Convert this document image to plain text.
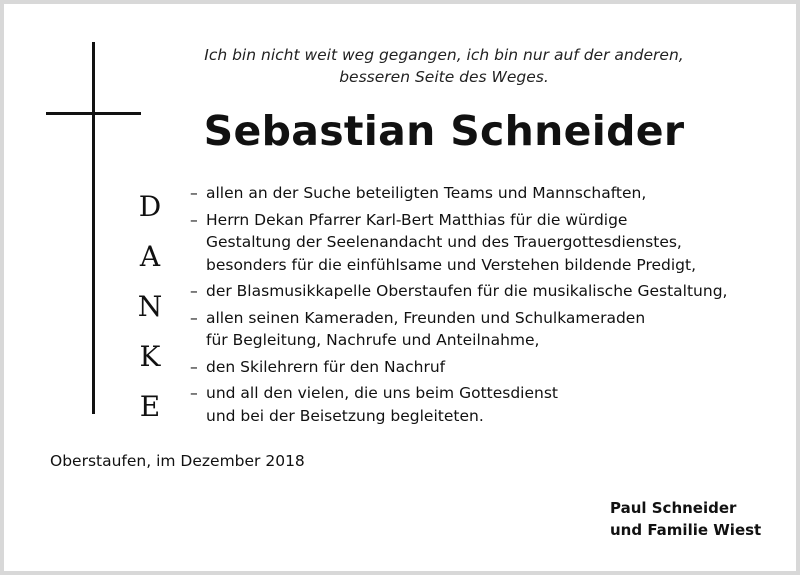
Ich bin nicht weit weg gegangen, ich bin nur auf der anderen,
besseren Seite des Weges.
Sebastian Schneider
D
A
N
K
E
– allen an der Suche beteiligten Teams und Mannschaften,
– Herrn Dekan Pfarrer Karl-Bert Matthias für die würdige
Gestaltung der Seelenandacht und des Trauergottesdienstes,
besonders für die einfühlsame und Verstehen bildende Predigt,
– der Blasmusikkapelle Oberstaufen für die musikalische Gestaltung,
– allen seinen Kameraden, Freunden und Schulkameraden
für Begleitung, Nachrufe und Anteilnahme,
– den Skilehrern für den Nachruf
– und all den vielen, die uns beim Gottesdienst
und bei der Beisetzung begleiteten.
Oberstaufen, im Dezember 2018
Paul Schneider
und Familie Wiest
